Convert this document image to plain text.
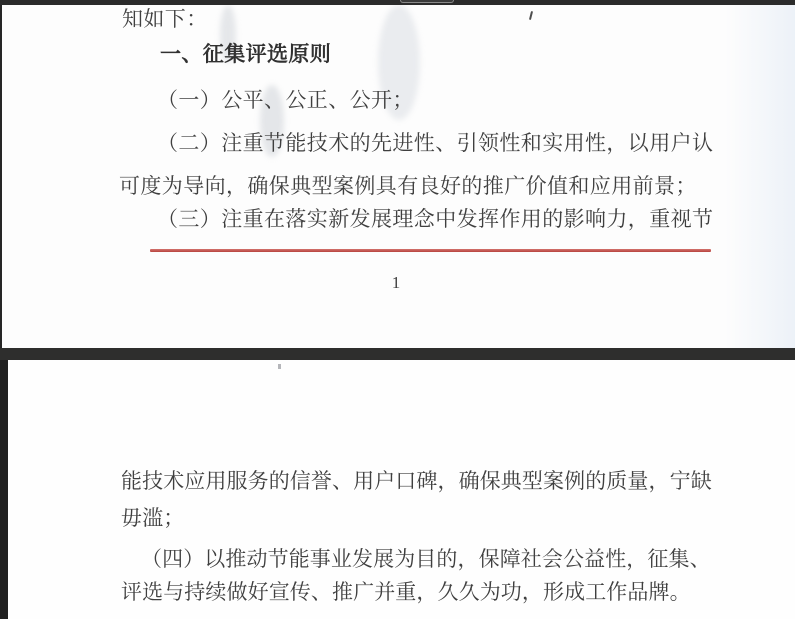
知如下：
一、征集评选原则
（一）公平、公正、公开；
（二）注重节能技术的先进性、引领性和实用性，以用户认
可度为导向，确保典型案例具有良好的推广价值和应用前景；
（三）注重在落实新发展理念中发挥作用的影响力，重视节
1
能技术应用服务的信誉、用户口碑，确保典型案例的质量，宁缺
毋滥；
（四）以推动节能事业发展为目的，保障社会公益性，征集、
评选与持续做好宣传、推广并重，久久为功，形成工作品牌。
